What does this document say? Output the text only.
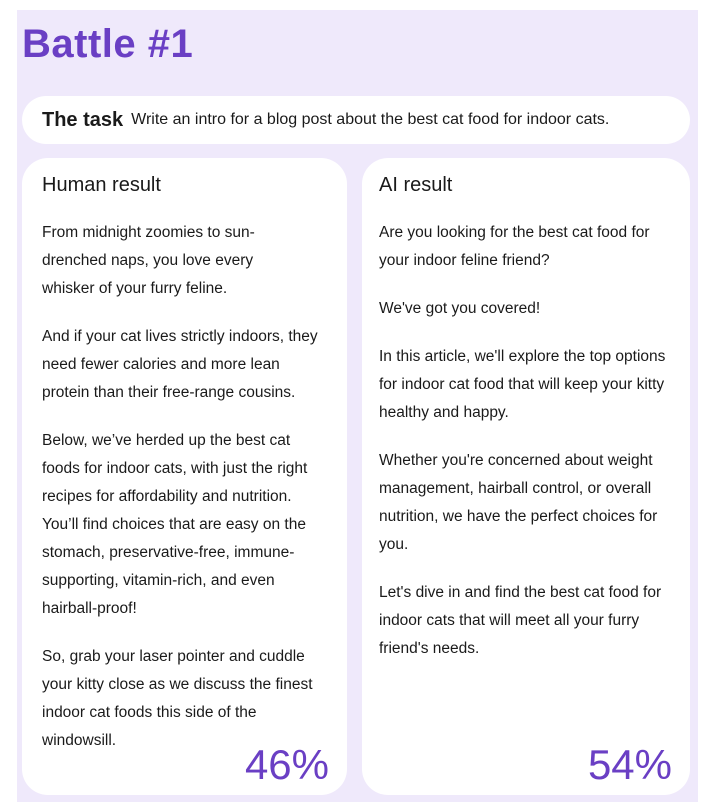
Battle #1
The task Write an intro for a blog post about the best cat food for indoor cats.
Human result

From midnight zoomies to sun-drenched naps, you love every whisker of your furry feline.

And if your cat lives strictly indoors, they need fewer calories and more lean protein than their free-range cousins.

Below, we’ve herded up the best cat foods for indoor cats, with just the right recipes for affordability and nutrition. You’ll find choices that are easy on the stomach, preservative-free, immune-supporting, vitamin-rich, and even hairball-proof!

So, grab your laser pointer and cuddle your kitty close as we discuss the finest indoor cat foods this side of the windowsill.

46%
AI result

Are you looking for the best cat food for your indoor feline friend?

We've got you covered!

In this article, we'll explore the top options for indoor cat food that will keep your kitty healthy and happy.

Whether you're concerned about weight management, hairball control, or overall nutrition, we have the perfect choices for you.

Let's dive in and find the best cat food for indoor cats that will meet all your furry friend's needs.

54%
